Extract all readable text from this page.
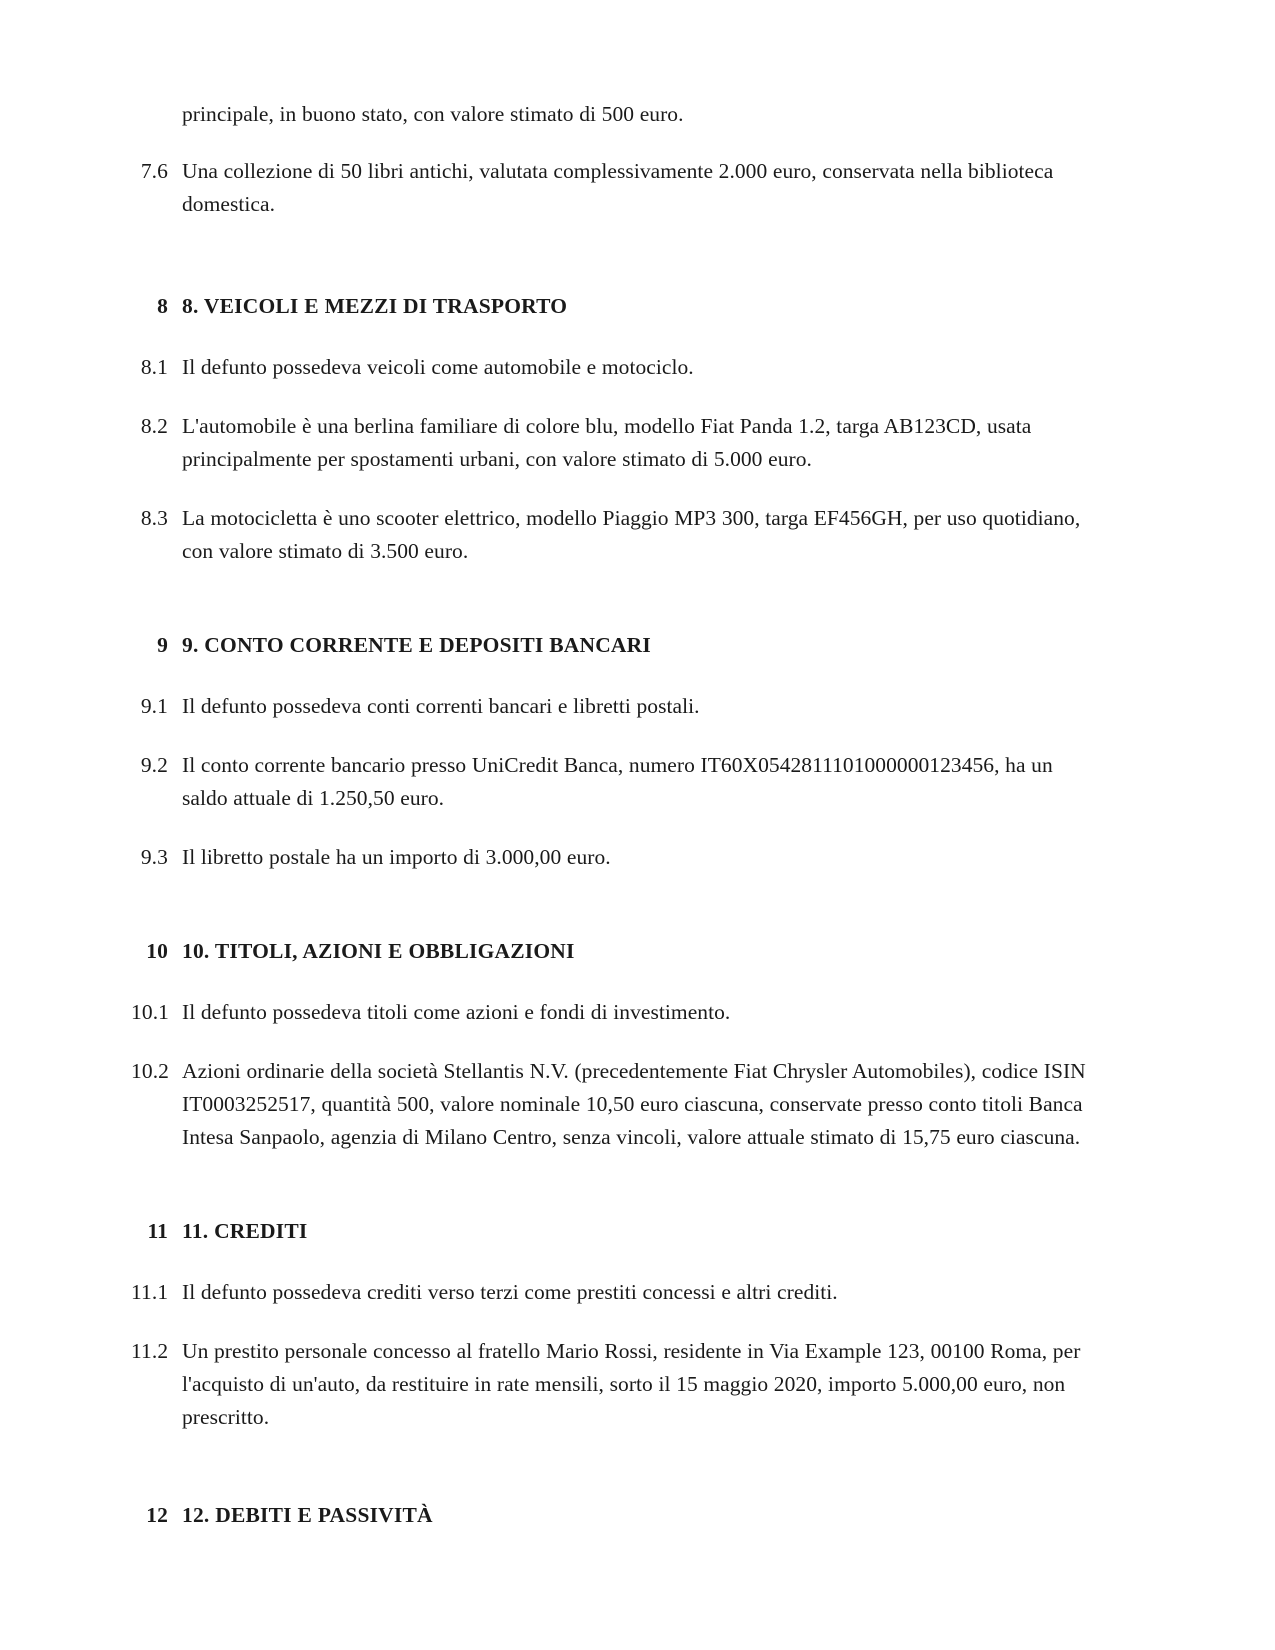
principale, in buono stato, con valore stimato di 500 euro.
7.6 Una collezione di 50 libri antichi, valutata complessivamente 2.000 euro, conservata nella biblioteca domestica.
8 8. VEICOLI E MEZZI DI TRASPORTO
8.1 Il defunto possedeva veicoli come automobile e motociclo.
8.2 L'automobile è una berlina familiare di colore blu, modello Fiat Panda 1.2, targa AB123CD, usata principalmente per spostamenti urbani, con valore stimato di 5.000 euro.
8.3 La motocicletta è uno scooter elettrico, modello Piaggio MP3 300, targa EF456GH, per uso quotidiano, con valore stimato di 3.500 euro.
9 9. CONTO CORRENTE E DEPOSITI BANCARI
9.1 Il defunto possedeva conti correnti bancari e libretti postali.
9.2 Il conto corrente bancario presso UniCredit Banca, numero IT60X0542811101000000123456, ha un saldo attuale di 1.250,50 euro.
9.3 Il libretto postale ha un importo di 3.000,00 euro.
10 10. TITOLI, AZIONI E OBBLIGAZIONI
10.1 Il defunto possedeva titoli come azioni e fondi di investimento.
10.2 Azioni ordinarie della società Stellantis N.V. (precedentemente Fiat Chrysler Automobiles), codice ISIN IT0003252517, quantità 500, valore nominale 10,50 euro ciascuna, conservate presso conto titoli Banca Intesa Sanpaolo, agenzia di Milano Centro, senza vincoli, valore attuale stimato di 15,75 euro ciascuna.
11 11. CREDITI
11.1 Il defunto possedeva crediti verso terzi come prestiti concessi e altri crediti.
11.2 Un prestito personale concesso al fratello Mario Rossi, residente in Via Example 123, 00100 Roma, per l'acquisto di un'auto, da restituire in rate mensili, sorto il 15 maggio 2020, importo 5.000,00 euro, non prescritto.
12 12. DEBITI E PASSIVITÀ
